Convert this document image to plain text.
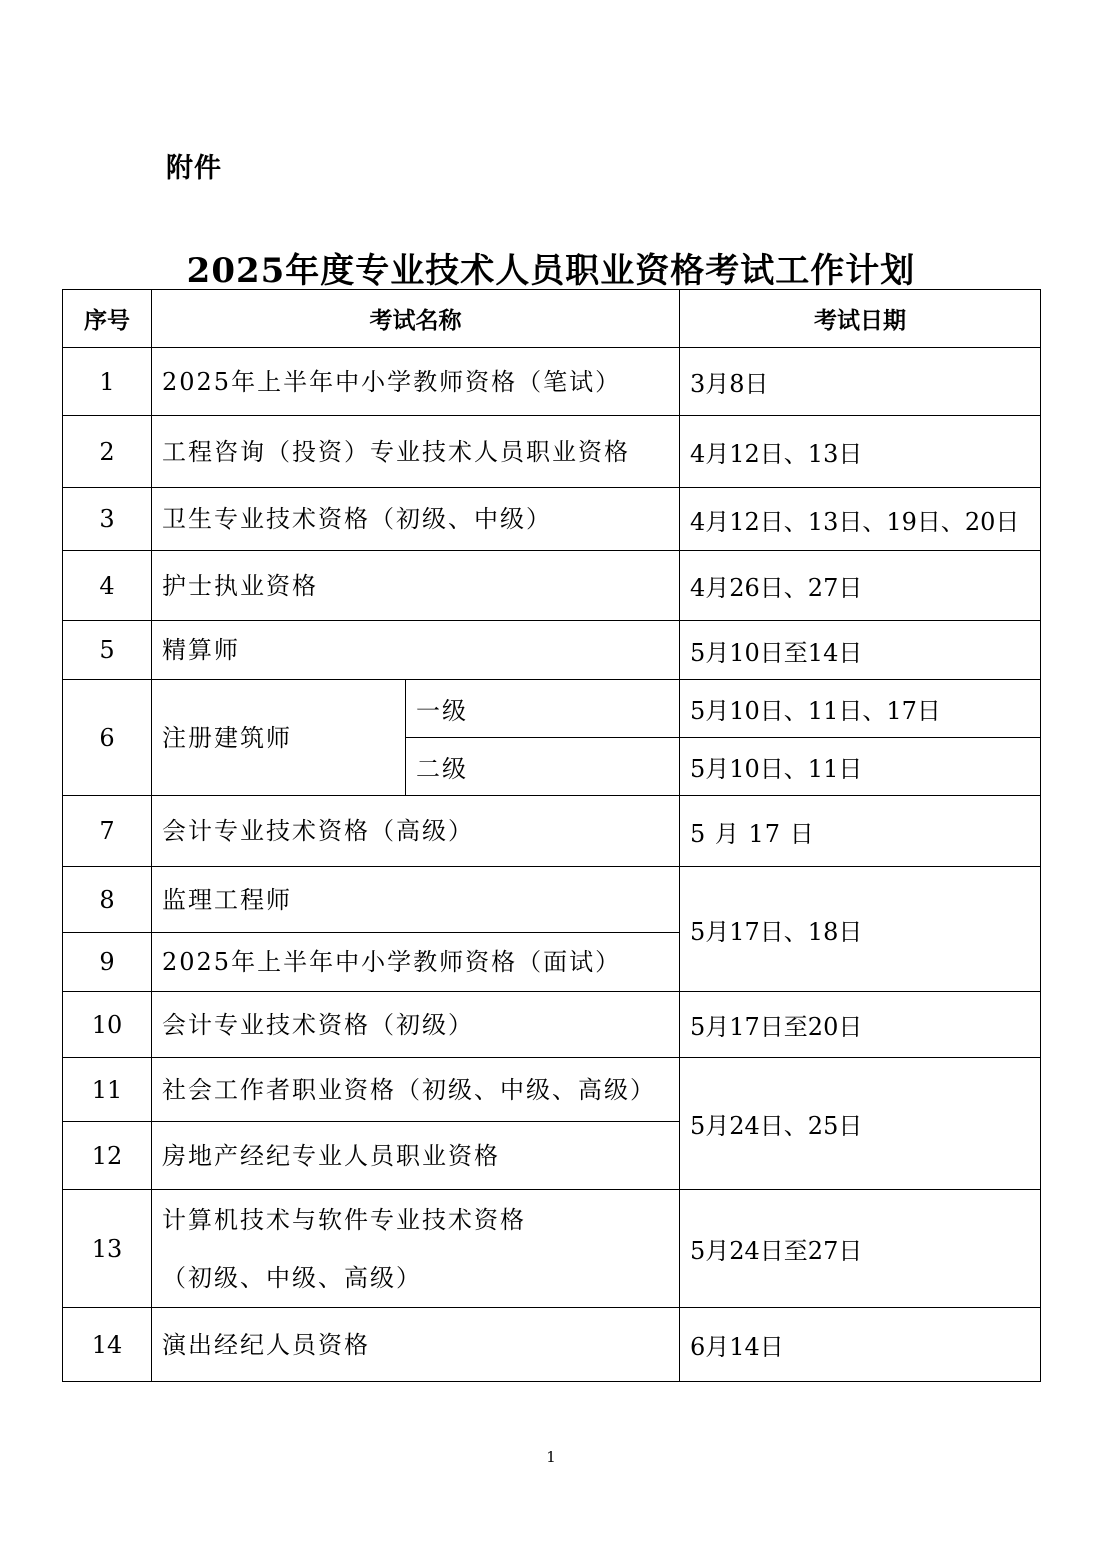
附件
2025年度专业技术人员职业资格考试工作计划
序号	考试名称		考试日期
1	2025年上半年中小学教师资格（笔试）		3月8日
2	工程咨询（投资）专业技术人员职业资格		4月12日、13日
3	卫生专业技术资格（初级、中级）		4月12日、13日、19日、20日
4	护士执业资格		4月26日、27日
5	精算师		5月10日至14日
6	注册建筑师	一级	5月10日、11日、17日
		二级	5月10日、11日
7	会计专业技术资格（高级）		5 月 17 日
8	监理工程师		5月17日、18日
9	2025年上半年中小学教师资格（面试）		
10	会计专业技术资格（初级）		5月17日至20日
11	社会工作者职业资格（初级、中级、高级）		5月24日、25日
12	房地产经纪专业人员职业资格		
13	计算机技术与软件专业技术资格
（初级、中级、高级）		5月24日至27日
14	演出经纪人员资格		6月14日
1
